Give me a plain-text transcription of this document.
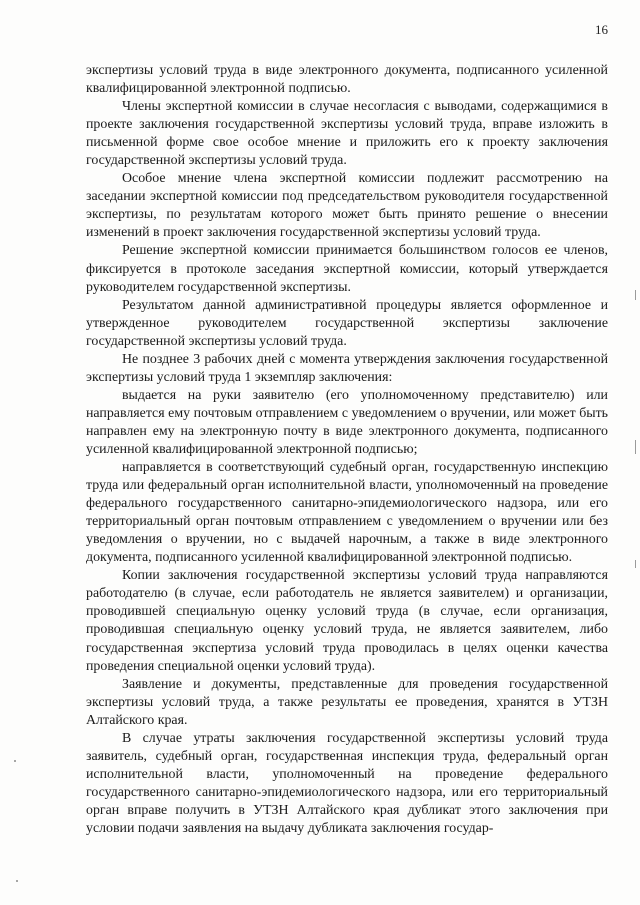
16

экспертизы условий труда в виде электронного документа, подписанного усиленной квалифицированной электронной подписью.

Члены экспертной комиссии в случае несогласия с выводами, содержащимися в проекте заключения государственной экспертизы условий труда, вправе изложить в письменной форме свое особое мнение и приложить его к проекту заключения государственной экспертизы условий труда.

Особое мнение члена экспертной комиссии подлежит рассмотрению на заседании экспертной комиссии под председательством руководителя государственной экспертизы, по результатам которого может быть принято решение о внесении изменений в проект заключения государственной экспертизы условий труда.

Решение экспертной комиссии принимается большинством голосов ее членов, фиксируется в протоколе заседания экспертной комиссии, который утверждается руководителем государственной экспертизы.

Результатом данной административной процедуры является оформленное и утвержденное руководителем государственной экспертизы заключение государственной экспертизы условий труда.

Не позднее 3 рабочих дней с момента утверждения заключения государственной экспертизы условий труда 1 экземпляр заключения:

выдается на руки заявителю (его уполномоченному представителю) или направляется ему почтовым отправлением с уведомлением о вручении, или может быть направлен ему на электронную почту в виде электронного документа, подписанного усиленной квалифицированной электронной подписью;

направляется в соответствующий судебный орган, государственную инспекцию труда или федеральный орган исполнительной власти, уполномоченный на проведение федерального государственного санитарно-эпидемиологического надзора, или его территориальный орган почтовым отправлением с уведомлением о вручении или без уведомления о вручении, но с выдачей нарочным, а также в виде электронного документа, подписанного усиленной квалифицированной электронной подписью.

Копии заключения государственной экспертизы условий труда направляются работодателю (в случае, если работодатель не является заявителем) и организации, проводившей специальную оценку условий труда (в случае, если организация, проводившая специальную оценку условий труда, не является заявителем, либо государственная экспертиза условий труда проводилась в целях оценки качества проведения специальной оценки условий труда).

Заявление и документы, представленные для проведения государственной экспертизы условий труда, а также результаты ее проведения, хранятся в УТЗН Алтайского края.

В случае утраты заключения государственной экспертизы условий труда заявитель, судебный орган, государственная инспекция труда, федеральный орган исполнительной власти, уполномоченный на проведение федерального государственного санитарно-эпидемиологического надзора, или его территориальный орган вправе получить в УТЗН Алтайского края дубликат этого заключения при условии подачи заявления на выдачу дубликата заключения государ-
